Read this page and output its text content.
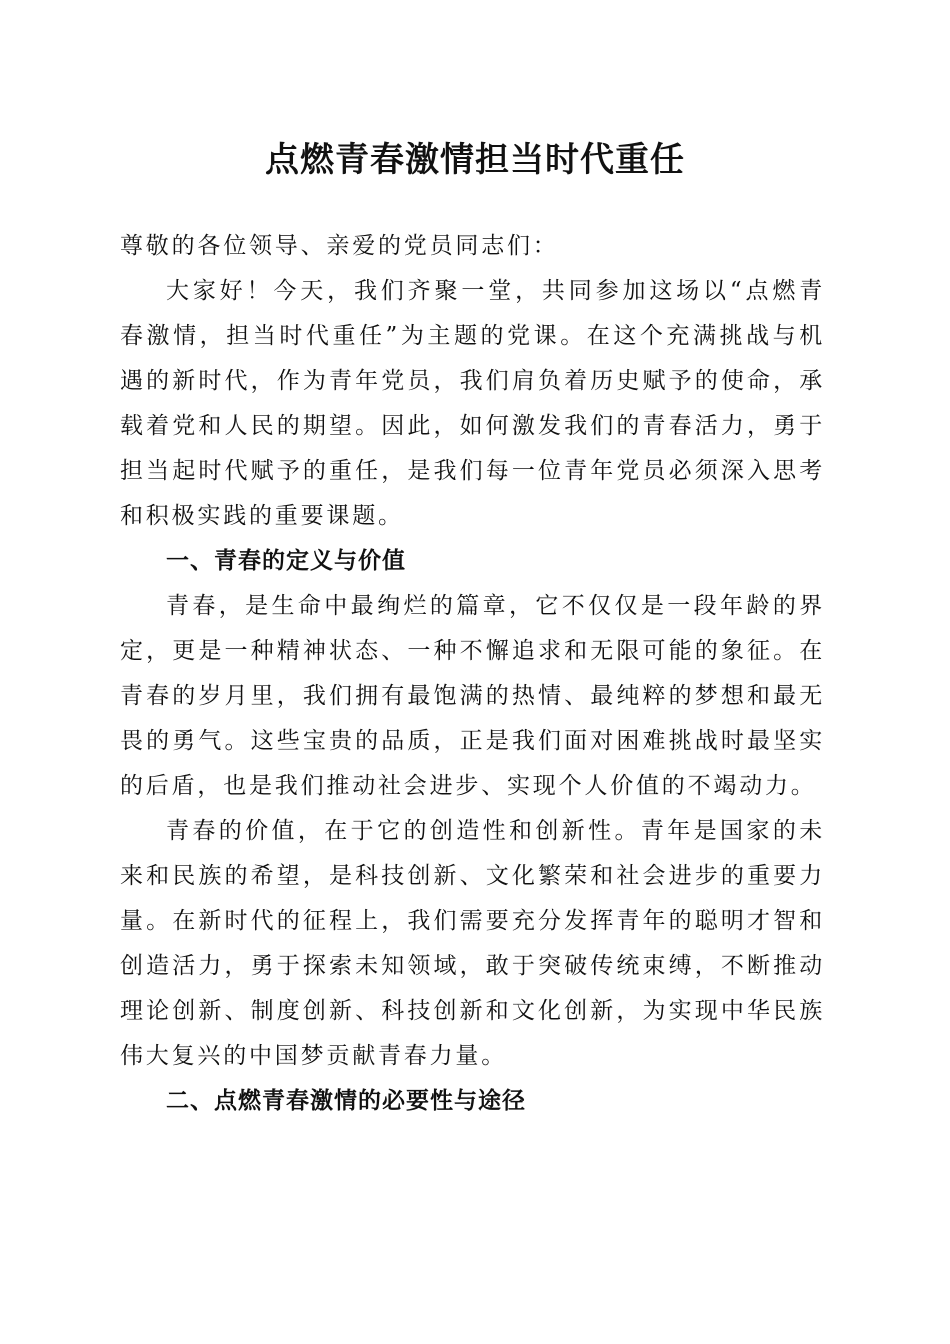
点燃青春激情担当时代重任

尊敬的各位领导、亲爱的党员同志们：

大家好！今天，我们齐聚一堂，共同参加这场以“点燃青春激情，担当时代重任”为主题的党课。在这个充满挑战与机遇的新时代，作为青年党员，我们肩负着历史赋予的使命，承载着党和人民的期望。因此，如何激发我们的青春活力，勇于担当起时代赋予的重任，是我们每一位青年党员必须深入思考和积极实践的重要课题。

一、青春的定义与价值

青春，是生命中最绚烂的篇章，它不仅仅是一段年龄的界定，更是一种精神状态、一种不懈追求和无限可能的象征。在青春的岁月里，我们拥有最饱满的热情、最纯粹的梦想和最无畏的勇气。这些宝贵的品质，正是我们面对困难挑战时最坚实的后盾，也是我们推动社会进步、实现个人价值的不竭动力。

青春的价值，在于它的创造性和创新性。青年是国家的未来和民族的希望，是科技创新、文化繁荣和社会进步的重要力量。在新时代的征程上，我们需要充分发挥青年的聪明才智和创造活力，勇于探索未知领域，敢于突破传统束缚，不断推动理论创新、制度创新、科技创新和文化创新，为实现中华民族伟大复兴的中国梦贡献青春力量。

二、点燃青春激情的必要性与途径
